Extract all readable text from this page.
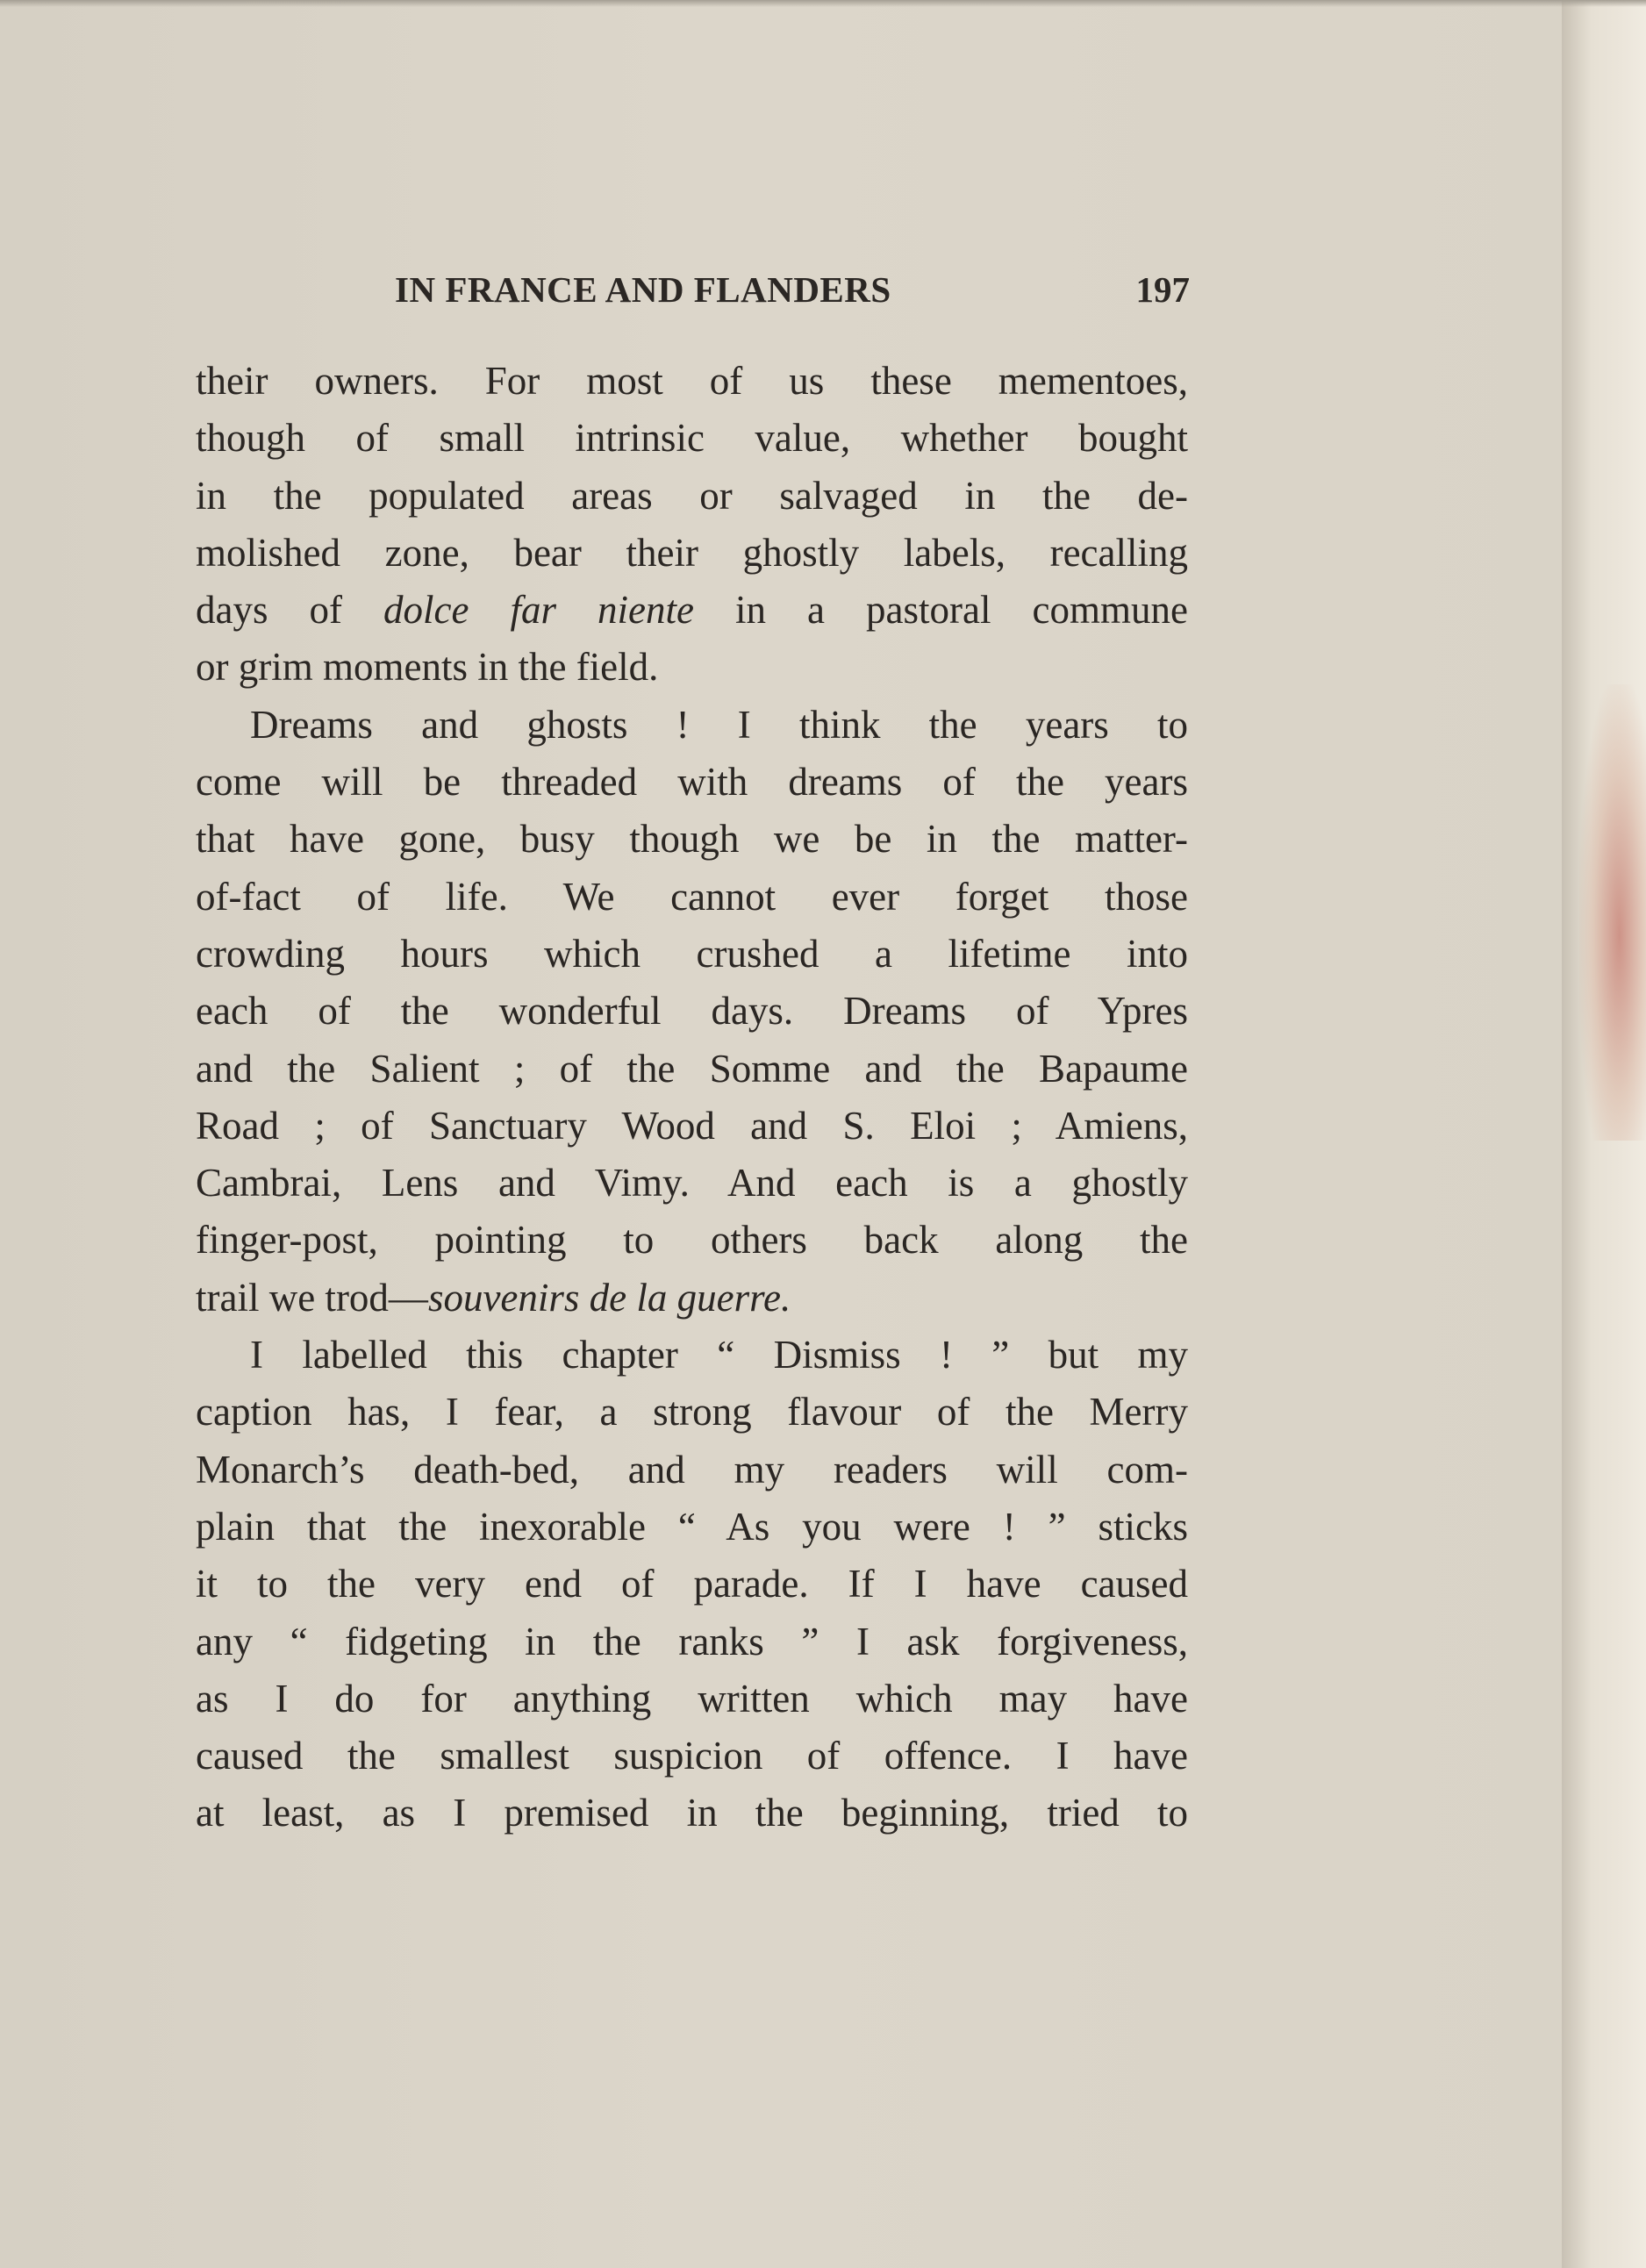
IN FRANCE AND FLANDERS	197
their owners. For most of us these mementoes,
though of small intrinsic value, whether bought
in the populated areas or salvaged in the de-
molished zone, bear their ghostly labels, recalling
days of dolce far niente in a pastoral commune
or grim moments in the field.
Dreams and ghosts ! I think the years to
come will be threaded with dreams of the years
that have gone, busy though we be in the matter-
of-fact of life. We cannot ever forget those
crowding hours which crushed a lifetime into
each of the wonderful days. Dreams of Ypres
and the Salient ; of the Somme and the Bapaume
Road ; of Sanctuary Wood and S. Eloi ; Amiens,
Cambrai, Lens and Vimy. And each is a ghostly
finger-post, pointing to others back along the
trail we trod—souvenirs de la guerre.
I labelled this chapter “ Dismiss ! ” but my
caption has, I fear, a strong flavour of the Merry
Monarch’s death-bed, and my readers will com-
plain that the inexorable “ As you were ! ” sticks
it to the very end of parade. If I have caused
any “ fidgeting in the ranks ” I ask forgiveness,
as I do for anything written which may have
caused the smallest suspicion of offence. I have
at least, as I premised in the beginning, tried to
